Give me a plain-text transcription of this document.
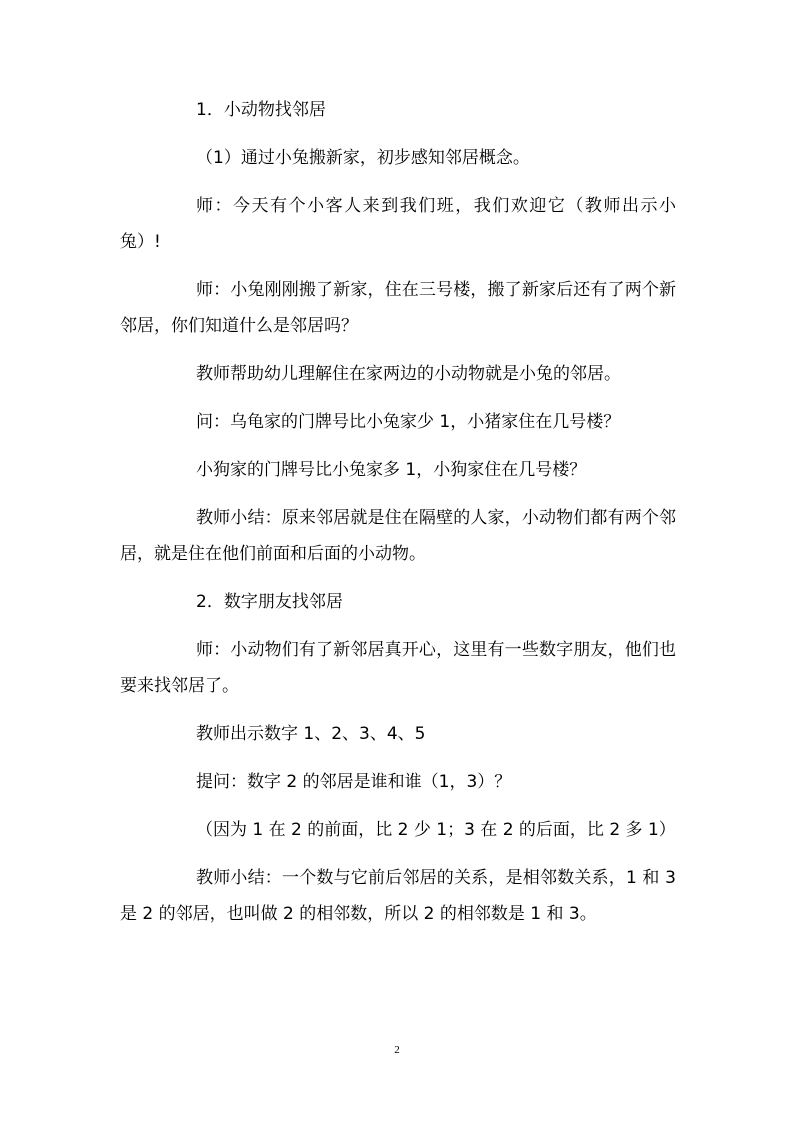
1．小动物找邻居

（1）通过小兔搬新家，初步感知邻居概念。

师：今天有个小客人来到我们班，我们欢迎它（教师出示小兔）!

师：小兔刚刚搬了新家，住在三号楼，搬了新家后还有了两个新邻居，你们知道什么是邻居吗？

教师帮助幼儿理解住在家两边的小动物就是小兔的邻居。

问：乌龟家的门牌号比小兔家少 1，小猪家住在几号楼？

小狗家的门牌号比小兔家多 1，小狗家住在几号楼？

教师小结：原来邻居就是住在隔壁的人家，小动物们都有两个邻居，就是住在他们前面和后面的小动物。

2．数字朋友找邻居

师：小动物们有了新邻居真开心，这里有一些数字朋友，他们也要来找邻居了。

教师出示数字 1、2、3、4、5

提问：数字 2 的邻居是谁和谁（1，3）？

（因为 1 在 2 的前面，比 2 少 1；3 在 2 的后面，比 2 多 1）

教师小结：一个数与它前后邻居的关系，是相邻数关系，1 和 3 是 2 的邻居，也叫做 2 的相邻数，所以 2 的相邻数是 1 和 3。

2
